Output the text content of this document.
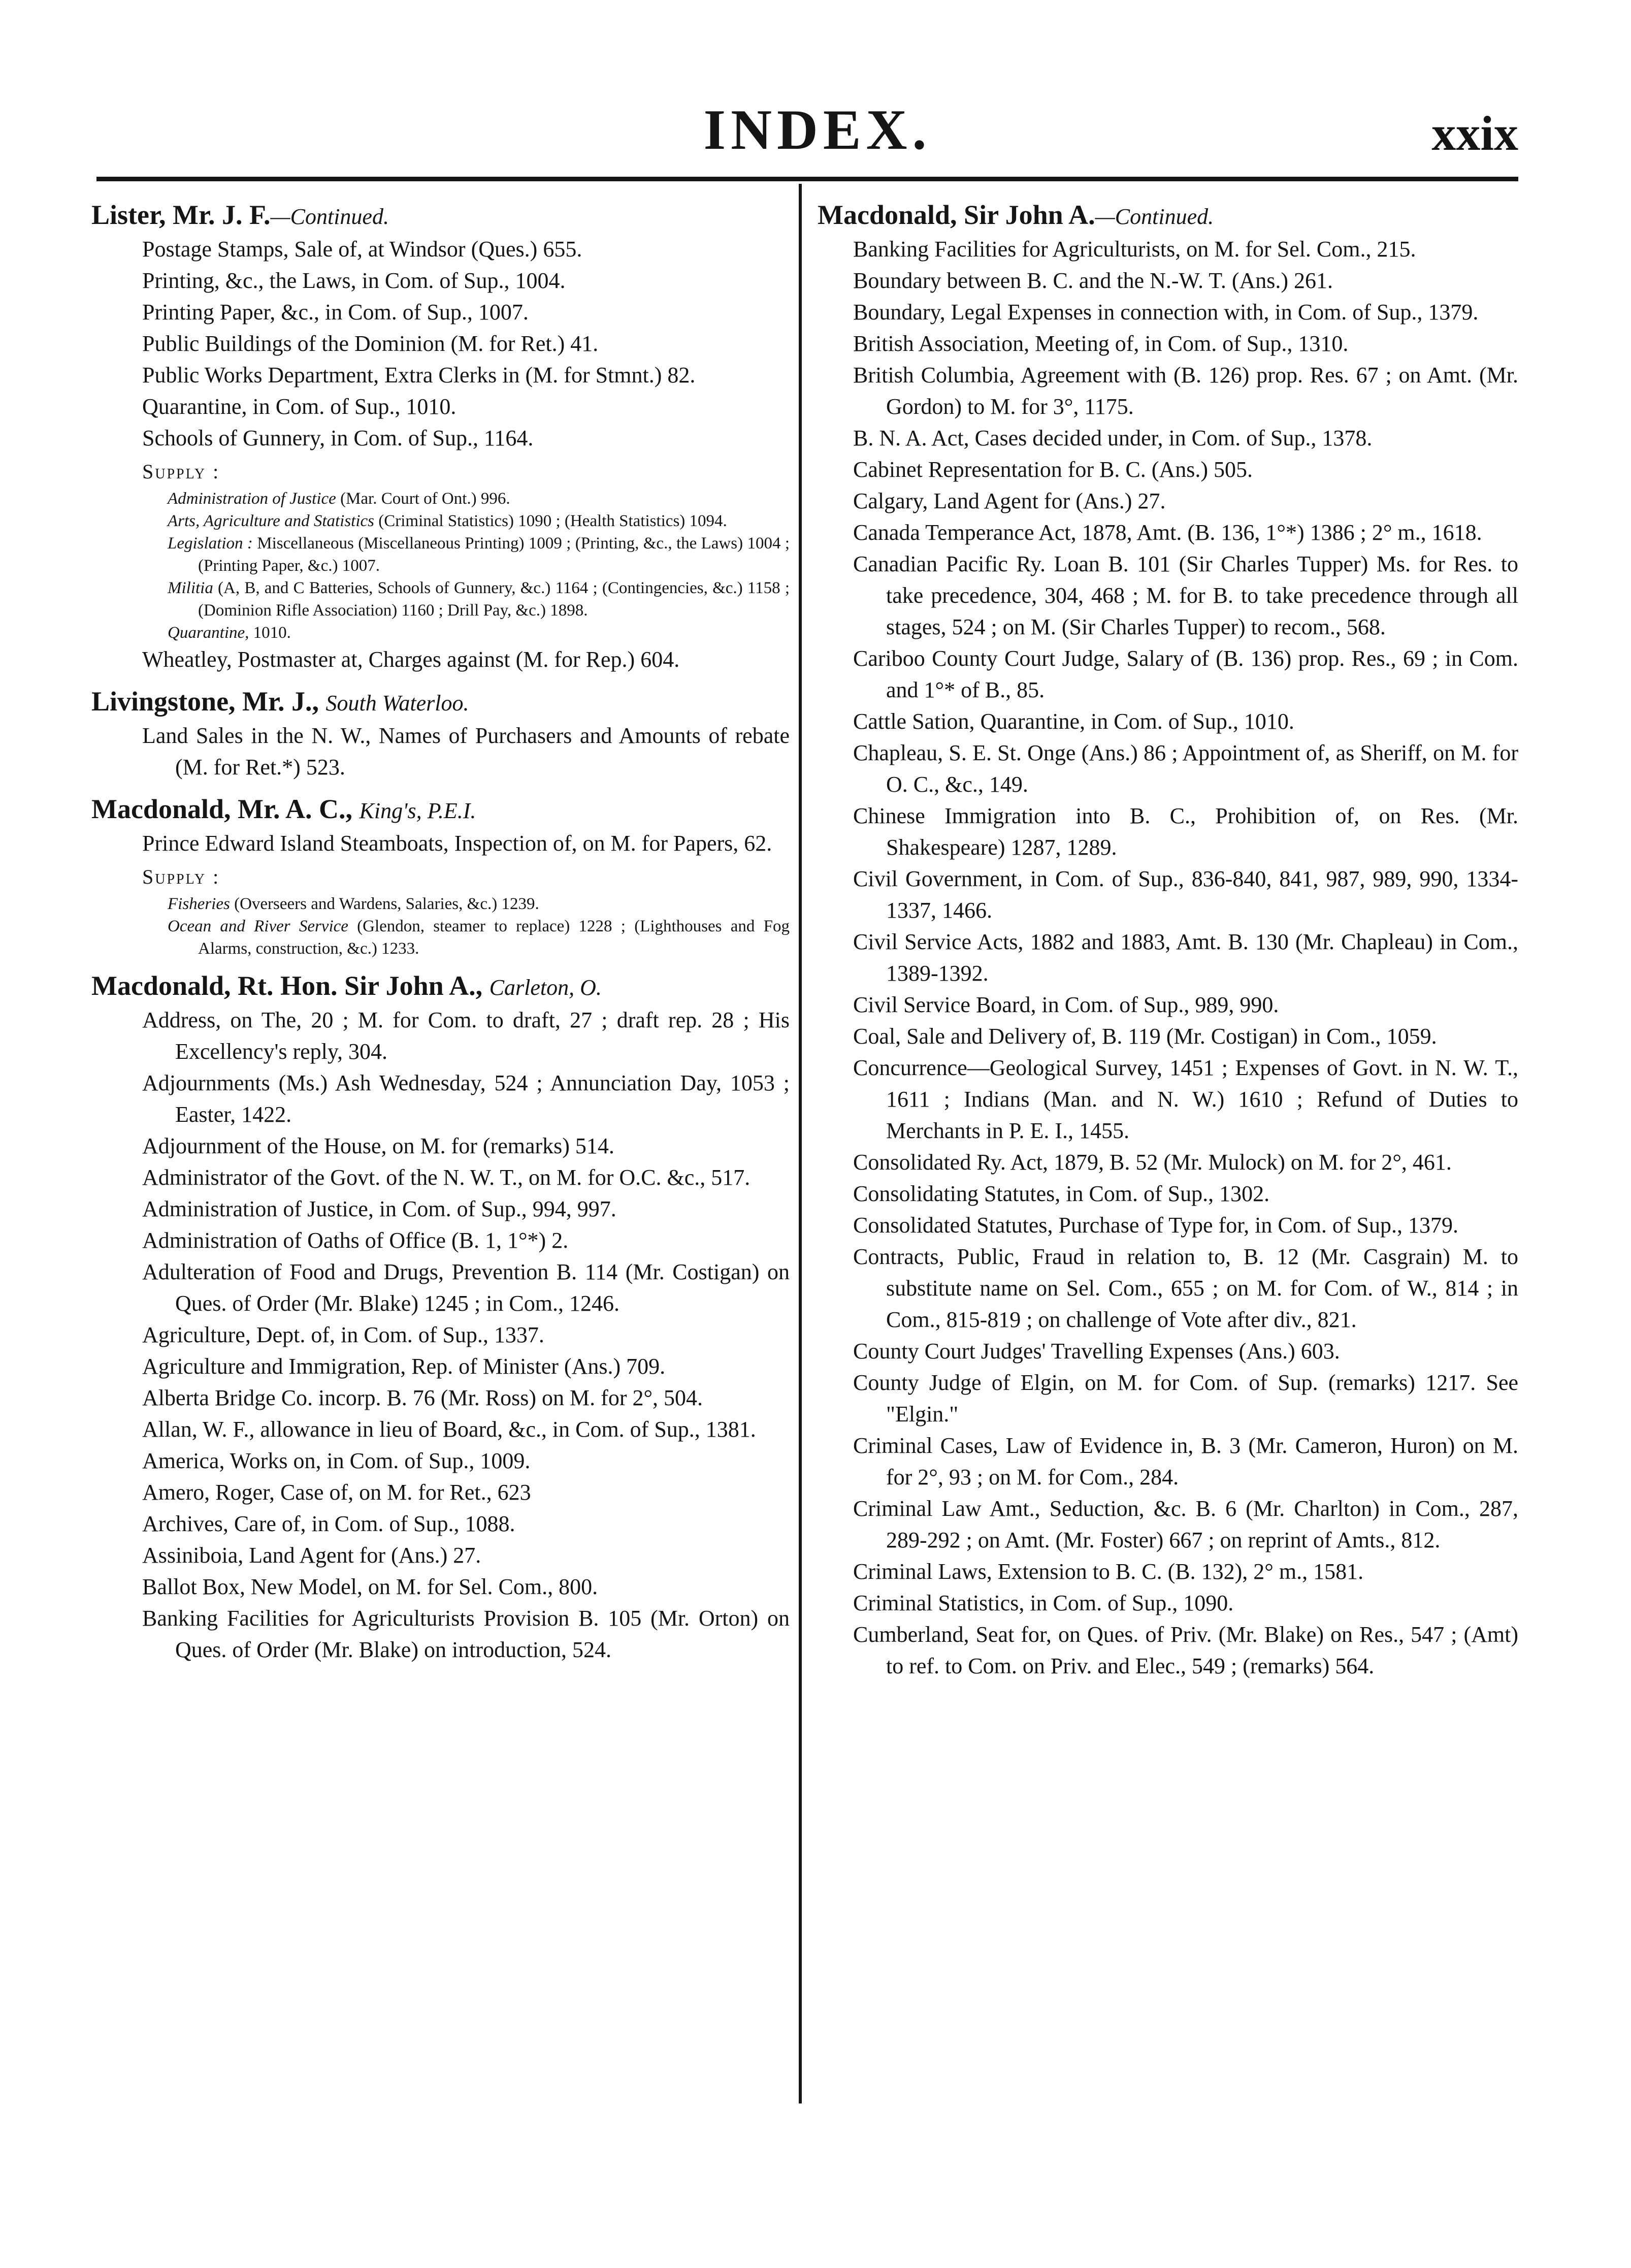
INDEX.	xxix
Lister, Mr. J. F.—Continued.
Postage Stamps, Sale of, at Windsor (Ques.) 655.
Printing, &c., the Laws, in Com. of Sup., 1004.
Printing Paper, &c., in Com. of Sup., 1007.
Public Buildings of the Dominion (M. for Ret.) 41.
Public Works Department, Extra Clerks in (M. for Stmnt.) 82.
Quarantine, in Com. of Sup., 1010.
Schools of Gunnery, in Com. of Sup., 1164.
Supply :
Administration of Justice (Mar. Court of Ont.) 996.
Arts, Agriculture and Statistics (Criminal Statistics) 1090 ; (Health Statistics) 1094.
Legislation : Miscellaneous (Miscellaneous Printing) 1009 ; (Printing, &c., the Laws) 1004 ; (Printing Paper, &c.) 1007.
Militia (A, B, and C Batteries, Schools of Gunnery, &c.) 1164 ; (Contingencies, &c.) 1158 ; (Dominion Rifle Association) 1160 ; Drill Pay, &c.) 1898.
Quarantine, 1010.
Wheatley, Postmaster at, Charges against (M. for Rep.) 604.
Livingstone, Mr. J., South Waterloo.
Land Sales in the N. W., Names of Purchasers and Amounts of rebate (M. for Ret.*) 523.
Macdonald, Mr. A. C., King's, P.E.I.
Prince Edward Island Steamboats, Inspection of, on M. for Papers, 62.
Supply :
Fisheries (Overseers and Wardens, Salaries, &c.) 1239.
Ocean and River Service (Glendon, steamer to replace) 1228 ; (Lighthouses and Fog Alarms, construction, &c.) 1233.
Macdonald, Rt. Hon. Sir John A., Carleton, O.
Address, on The, 20 ; M. for Com. to draft, 27 ; draft rep. 28 ; His Excellency's reply, 304.
Adjournments (Ms.) Ash Wednesday, 524 ; Annunciation Day, 1053 ; Easter, 1422.
Adjournment of the House, on M. for (remarks) 514.
Administrator of the Govt. of the N. W. T., on M. for O.C. &c., 517.
Administration of Justice, in Com. of Sup., 994, 997.
Administration of Oaths of Office (B. 1, 1°*) 2.
Adulteration of Food and Drugs, Prevention B. 114 (Mr. Costigan) on Ques. of Order (Mr. Blake) 1245 ; in Com., 1246.
Agriculture, Dept. of, in Com. of Sup., 1337.
Agriculture and Immigration, Rep. of Minister (Ans.) 709.
Alberta Bridge Co. incorp. B. 76 (Mr. Ross) on M. for 2°, 504.
Allan, W. F., allowance in lieu of Board, &c., in Com. of Sup., 1381.
America, Works on, in Com. of Sup., 1009.
Amero, Roger, Case of, on M. for Ret., 623
Archives, Care of, in Com. of Sup., 1088.
Assiniboia, Land Agent for (Ans.) 27.
Ballot Box, New Model, on M. for Sel. Com., 800.
Banking Facilities for Agriculturists Provision B. 105 (Mr. Orton) on Ques. of Order (Mr. Blake) on introduction, 524.
Macdonald, Sir John A.—Continued.
Banking Facilities for Agriculturists, on M. for Sel. Com., 215.
Boundary between B. C. and the N.-W. T. (Ans.) 261.
Boundary, Legal Expenses in connection with, in Com. of Sup., 1379.
British Association, Meeting of, in Com. of Sup., 1310.
British Columbia, Agreement with (B. 126) prop. Res. 67 ; on Amt. (Mr. Gordon) to M. for 3°, 1175.
B. N. A. Act, Cases decided under, in Com. of Sup., 1378.
Cabinet Representation for B. C. (Ans.) 505.
Calgary, Land Agent for (Ans.) 27.
Canada Temperance Act, 1878, Amt. (B. 136, 1°*) 1386 ; 2° m., 1618.
Canadian Pacific Ry. Loan B. 101 (Sir Charles Tupper) Ms. for Res. to take precedence, 304, 468 ; M. for B. to take precedence through all stages, 524 ; on M. (Sir Charles Tupper) to recom., 568.
Cariboo County Court Judge, Salary of (B. 136) prop. Res., 69 ; in Com. and 1°* of B., 85.
Cattle Sation, Quarantine, in Com. of Sup., 1010.
Chapleau, S. E. St. Onge (Ans.) 86 ; Appointment of, as Sheriff, on M. for O. C., &c., 149.
Chinese Immigration into B. C., Prohibition of, on Res. (Mr. Shakespeare) 1287, 1289.
Civil Government, in Com. of Sup., 836-840, 841, 987, 989, 990, 1334-1337, 1466.
Civil Service Acts, 1882 and 1883, Amt. B. 130 (Mr. Chapleau) in Com., 1389-1392.
Civil Service Board, in Com. of Sup., 989, 990.
Coal, Sale and Delivery of, B. 119 (Mr. Costigan) in Com., 1059.
Concurrence—Geological Survey, 1451 ; Expenses of Govt. in N. W. T., 1611 ; Indians (Man. and N. W.) 1610 ; Refund of Duties to Merchants in P. E. I., 1455.
Consolidated Ry. Act, 1879, B. 52 (Mr. Mulock) on M. for 2°, 461.
Consolidating Statutes, in Com. of Sup., 1302.
Consolidated Statutes, Purchase of Type for, in Com. of Sup., 1379.
Contracts, Public, Fraud in relation to, B. 12 (Mr. Casgrain) M. to substitute name on Sel. Com., 655 ; on M. for Com. of W., 814 ; in Com., 815-819 ; on challenge of Vote after div., 821.
County Court Judges' Travelling Expenses (Ans.) 603.
County Judge of Elgin, on M. for Com. of Sup. (remarks) 1217. See "Elgin."
Criminal Cases, Law of Evidence in, B. 3 (Mr. Cameron, Huron) on M. for 2°, 93 ; on M. for Com., 284.
Criminal Law Amt., Seduction, &c. B. 6 (Mr. Charlton) in Com., 287, 289-292 ; on Amt. (Mr. Foster) 667 ; on reprint of Amts., 812.
Criminal Laws, Extension to B. C. (B. 132), 2° m., 1581.
Criminal Statistics, in Com. of Sup., 1090.
Cumberland, Seat for, on Ques. of Priv. (Mr. Blake) on Res., 547 ; (Amt) to ref. to Com. on Priv. and Elec., 549 ; (remarks) 564.
